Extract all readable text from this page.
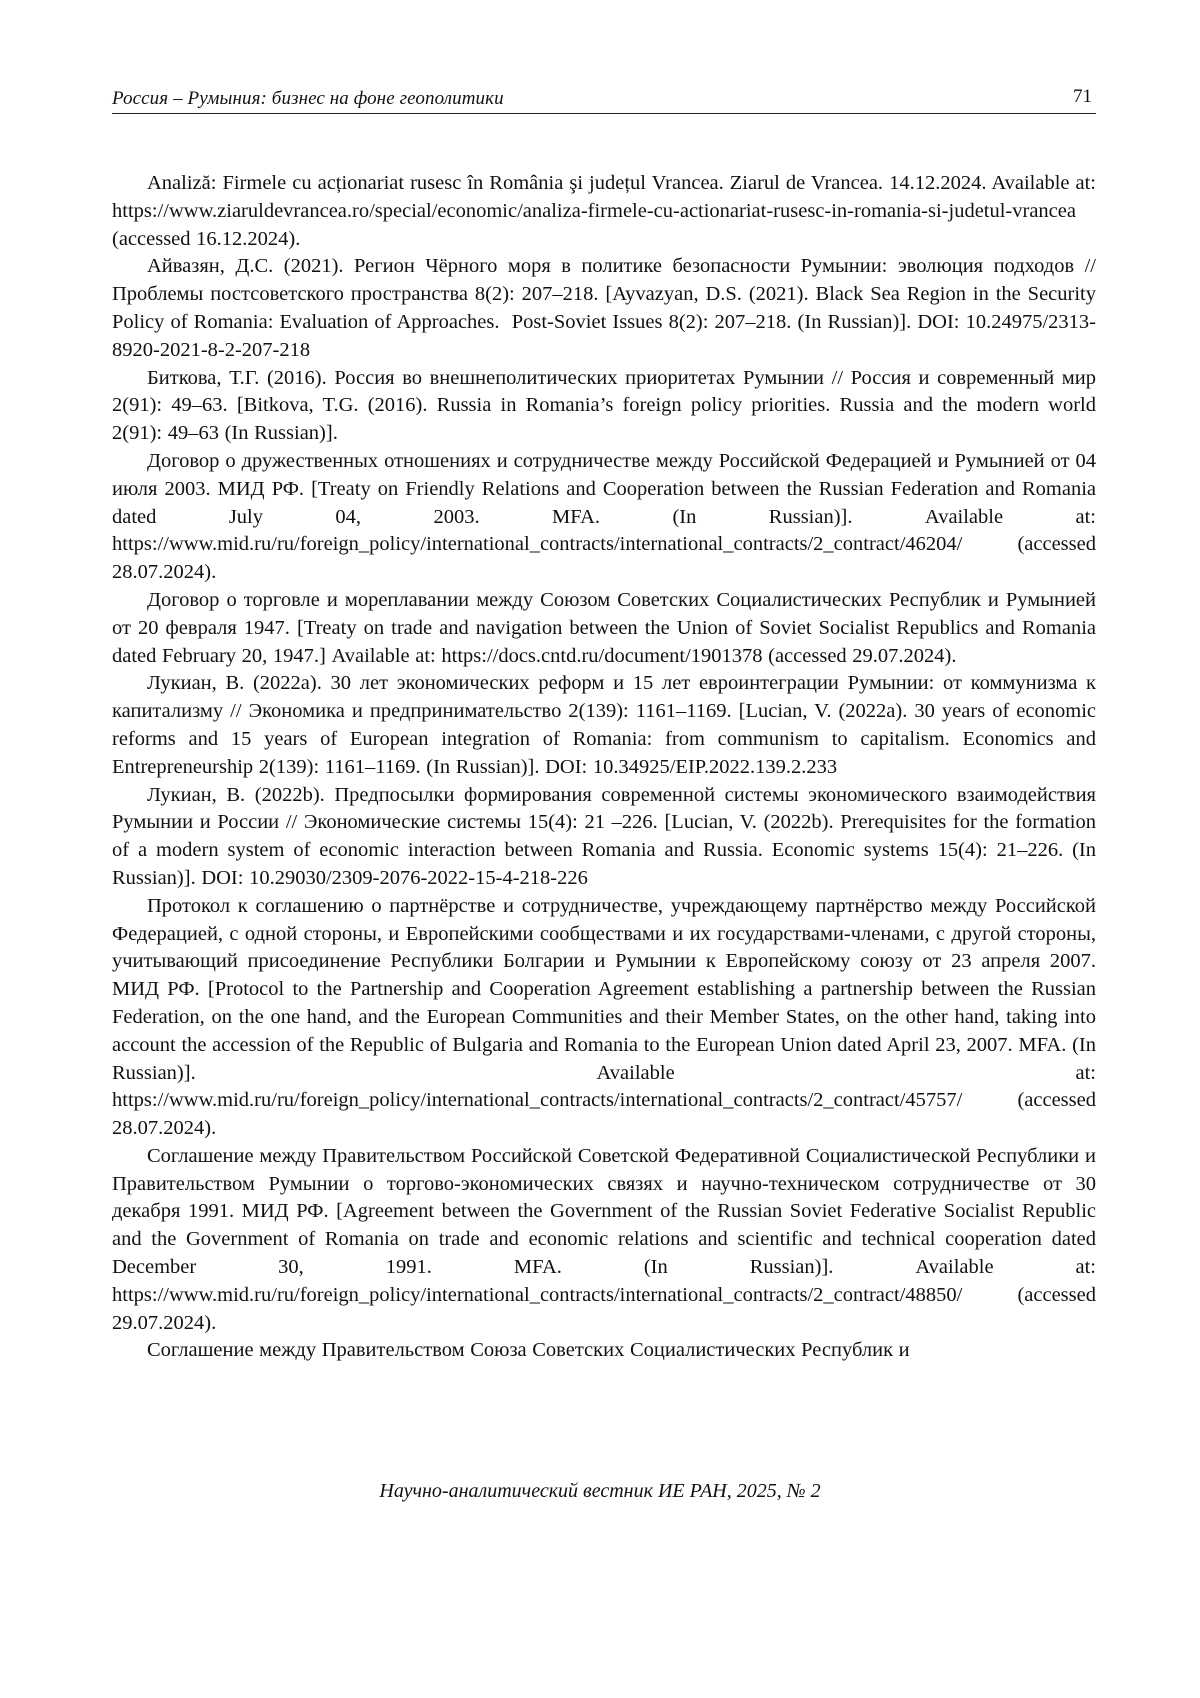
Россия – Румыния: бизнес на фоне геополитики	71

Analiză: Firmele cu acționariat rusesc în România şi județul Vrancea. Ziarul de Vrancea. 14.12.2024. Available at: https://www.ziaruldevrancea.ro/special/economic/analiza-firmele-cu-actionariat-rusesc-in-romania-si-judetul-vrancea (accessed 16.12.2024).

Айвазян, Д.С. (2021). Регион Чёрного моря в политике безопасности Румынии: эволюция подходов // Проблемы постсоветского пространства 8(2): 207–218. [Ayvazyan, D.S. (2021). Black Sea Region in the Security Policy of Romania: Evaluation of Approaches.  Post-Soviet Issues 8(2): 207–218. (In Russian)]. DOI: 10.24975/2313-8920-2021-8-2-207-218

Биткова, Т.Г. (2016). Россия во внешнеполитических приоритетах Румынии // Россия и современный мир 2(91): 49–63. [Bitkova, T.G. (2016). Russia in Romania’s foreign policy priorities. Russia and the modern world 2(91): 49–63 (In Russian)].

Договор о дружественных отношениях и сотрудничестве между Российской Федерацией и Румынией от 04 июля 2003. МИД РФ. [Treaty on Friendly Relations and Cooperation between the Russian Federation and Romania dated July 04, 2003. MFA. (In Russian)]. Available at: https://www.mid.ru/ru/foreign_policy/international_contracts/international_contracts/2_contract/46204/ (accessed 28.07.2024).

Договор о торговле и мореплавании между Союзом Советских Социалистических Республик и Румынией от 20 февраля 1947. [Treaty on trade and navigation between the Union of Soviet Socialist Republics and Romania dated February 20, 1947.] Available at: https://docs.cntd.ru/document/1901378 (accessed 29.07.2024).

Лукиан, В. (2022a). 30 лет экономических реформ и 15 лет евроинтеграции Румынии: от коммунизма к капитализму // Экономика и предпринимательство 2(139): 1161–1169. [Lucian, V. (2022a). 30 years of economic reforms and 15 years of European integration of Romania: from communism to capitalism. Economics and Entrepreneurship 2(139): 1161–1169. (In Russian)]. DOI: 10.34925/EIP.2022.139.2.233

Лукиан, В. (2022b). Предпосылки формирования современной системы экономического взаимодействия Румынии и России // Экономические системы 15(4): 21 –226. [Lucian, V. (2022b). Prerequisites for the formation of a modern system of economic interaction between Romania and Russia. Economic systems 15(4): 21–226. (In Russian)]. DOI: 10.29030/2309-2076-2022-15-4-218-226

Протокол к соглашению о партнёрстве и сотрудничестве, учреждающему партнёрство между Российской Федерацией, с одной стороны, и Европейскими сообществами и их государствами-членами, с другой стороны, учитывающий присоединение Республики Болгарии и Румынии к Европейскому союзу от 23 апреля 2007. МИД РФ. [Protocol to the Partnership and Cooperation Agreement establishing a partnership between the Russian Federation, on the one hand, and the European Communities and their Member States, on the other hand, taking into account the accession of the Republic of Bulgaria and Romania to the European Union dated April 23, 2007. MFA. (In Russian)]. Available at: https://www.mid.ru/ru/foreign_policy/international_contracts/international_contracts/2_contract/45757/ (accessed 28.07.2024).

Соглашение между Правительством Российской Советской Федеративной Социалистической Республики и Правительством Румынии о торгово-экономических связях и научно-техническом сотрудничестве от 30 декабря 1991. МИД РФ. [Agreement between the Government of the Russian Soviet Federative Socialist Republic and the Government of Romania on trade and economic relations and scientific and technical cooperation dated December 30, 1991. MFA. (In Russian)]. Available at: https://www.mid.ru/ru/foreign_policy/international_contracts/international_contracts/2_contract/48850/ (accessed 29.07.2024).

Соглашение между Правительством Союза Советских Социалистических Республик и

Научно-аналитический вестник ИЕ РАН, 2025, № 2
